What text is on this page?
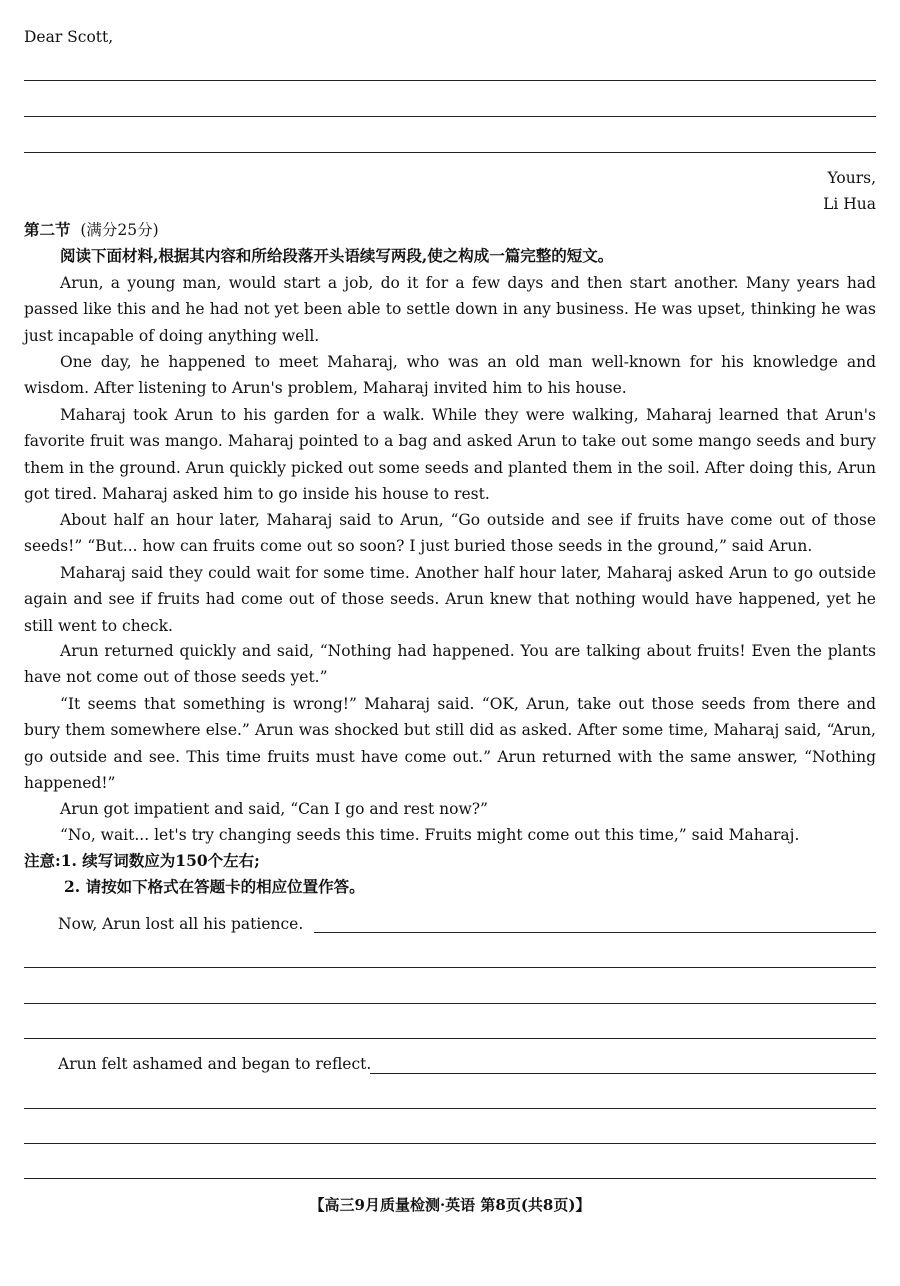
Dear Scott,
Yours,
Li Hua
第二节 (满分25分)
阅读下面材料,根据其内容和所给段落开头语续写两段,使之构成一篇完整的短文。
Arun, a young man, would start a job, do it for a few days and then start another. Many years had passed like this and he had not yet been able to settle down in any business. He was upset, thinking he was just incapable of doing anything well.
One day, he happened to meet Maharaj, who was an old man well-known for his knowledge and wisdom. After listening to Arun's problem, Maharaj invited him to his house.
Maharaj took Arun to his garden for a walk. While they were walking, Maharaj learned that Arun's favorite fruit was mango. Maharaj pointed to a bag and asked Arun to take out some mango seeds and bury them in the ground. Arun quickly picked out some seeds and planted them in the soil. After doing this, Arun got tired. Maharaj asked him to go inside his house to rest.
About half an hour later, Maharaj said to Arun, “Go outside and see if fruits have come out of those seeds!” “But... how can fruits come out so soon? I just buried those seeds in the ground,” said Arun.
Maharaj said they could wait for some time. Another half hour later, Maharaj asked Arun to go outside again and see if fruits had come out of those seeds. Arun knew that nothing would have happened, yet he still went to check.
Arun returned quickly and said, “Nothing had happened. You are talking about fruits! Even the plants have not come out of those seeds yet.”
“It seems that something is wrong!” Maharaj said. “OK, Arun, take out those seeds from there and bury them somewhere else.” Arun was shocked but still did as asked. After some time, Maharaj said, “Arun, go outside and see. This time fruits must have come out.” Arun returned with the same answer, “Nothing happened!”
Arun got impatient and said, “Can I go and rest now?”
“No, wait... let's try changing seeds this time. Fruits might come out this time,” said Maharaj.
注意:1. 续写词数应为150个左右;
2. 请按如下格式在答题卡的相应位置作答。
Now, Arun lost all his patience.
Arun felt ashamed and began to reflect.
【高三9月质量检测·英语 第8页(共8页)】
